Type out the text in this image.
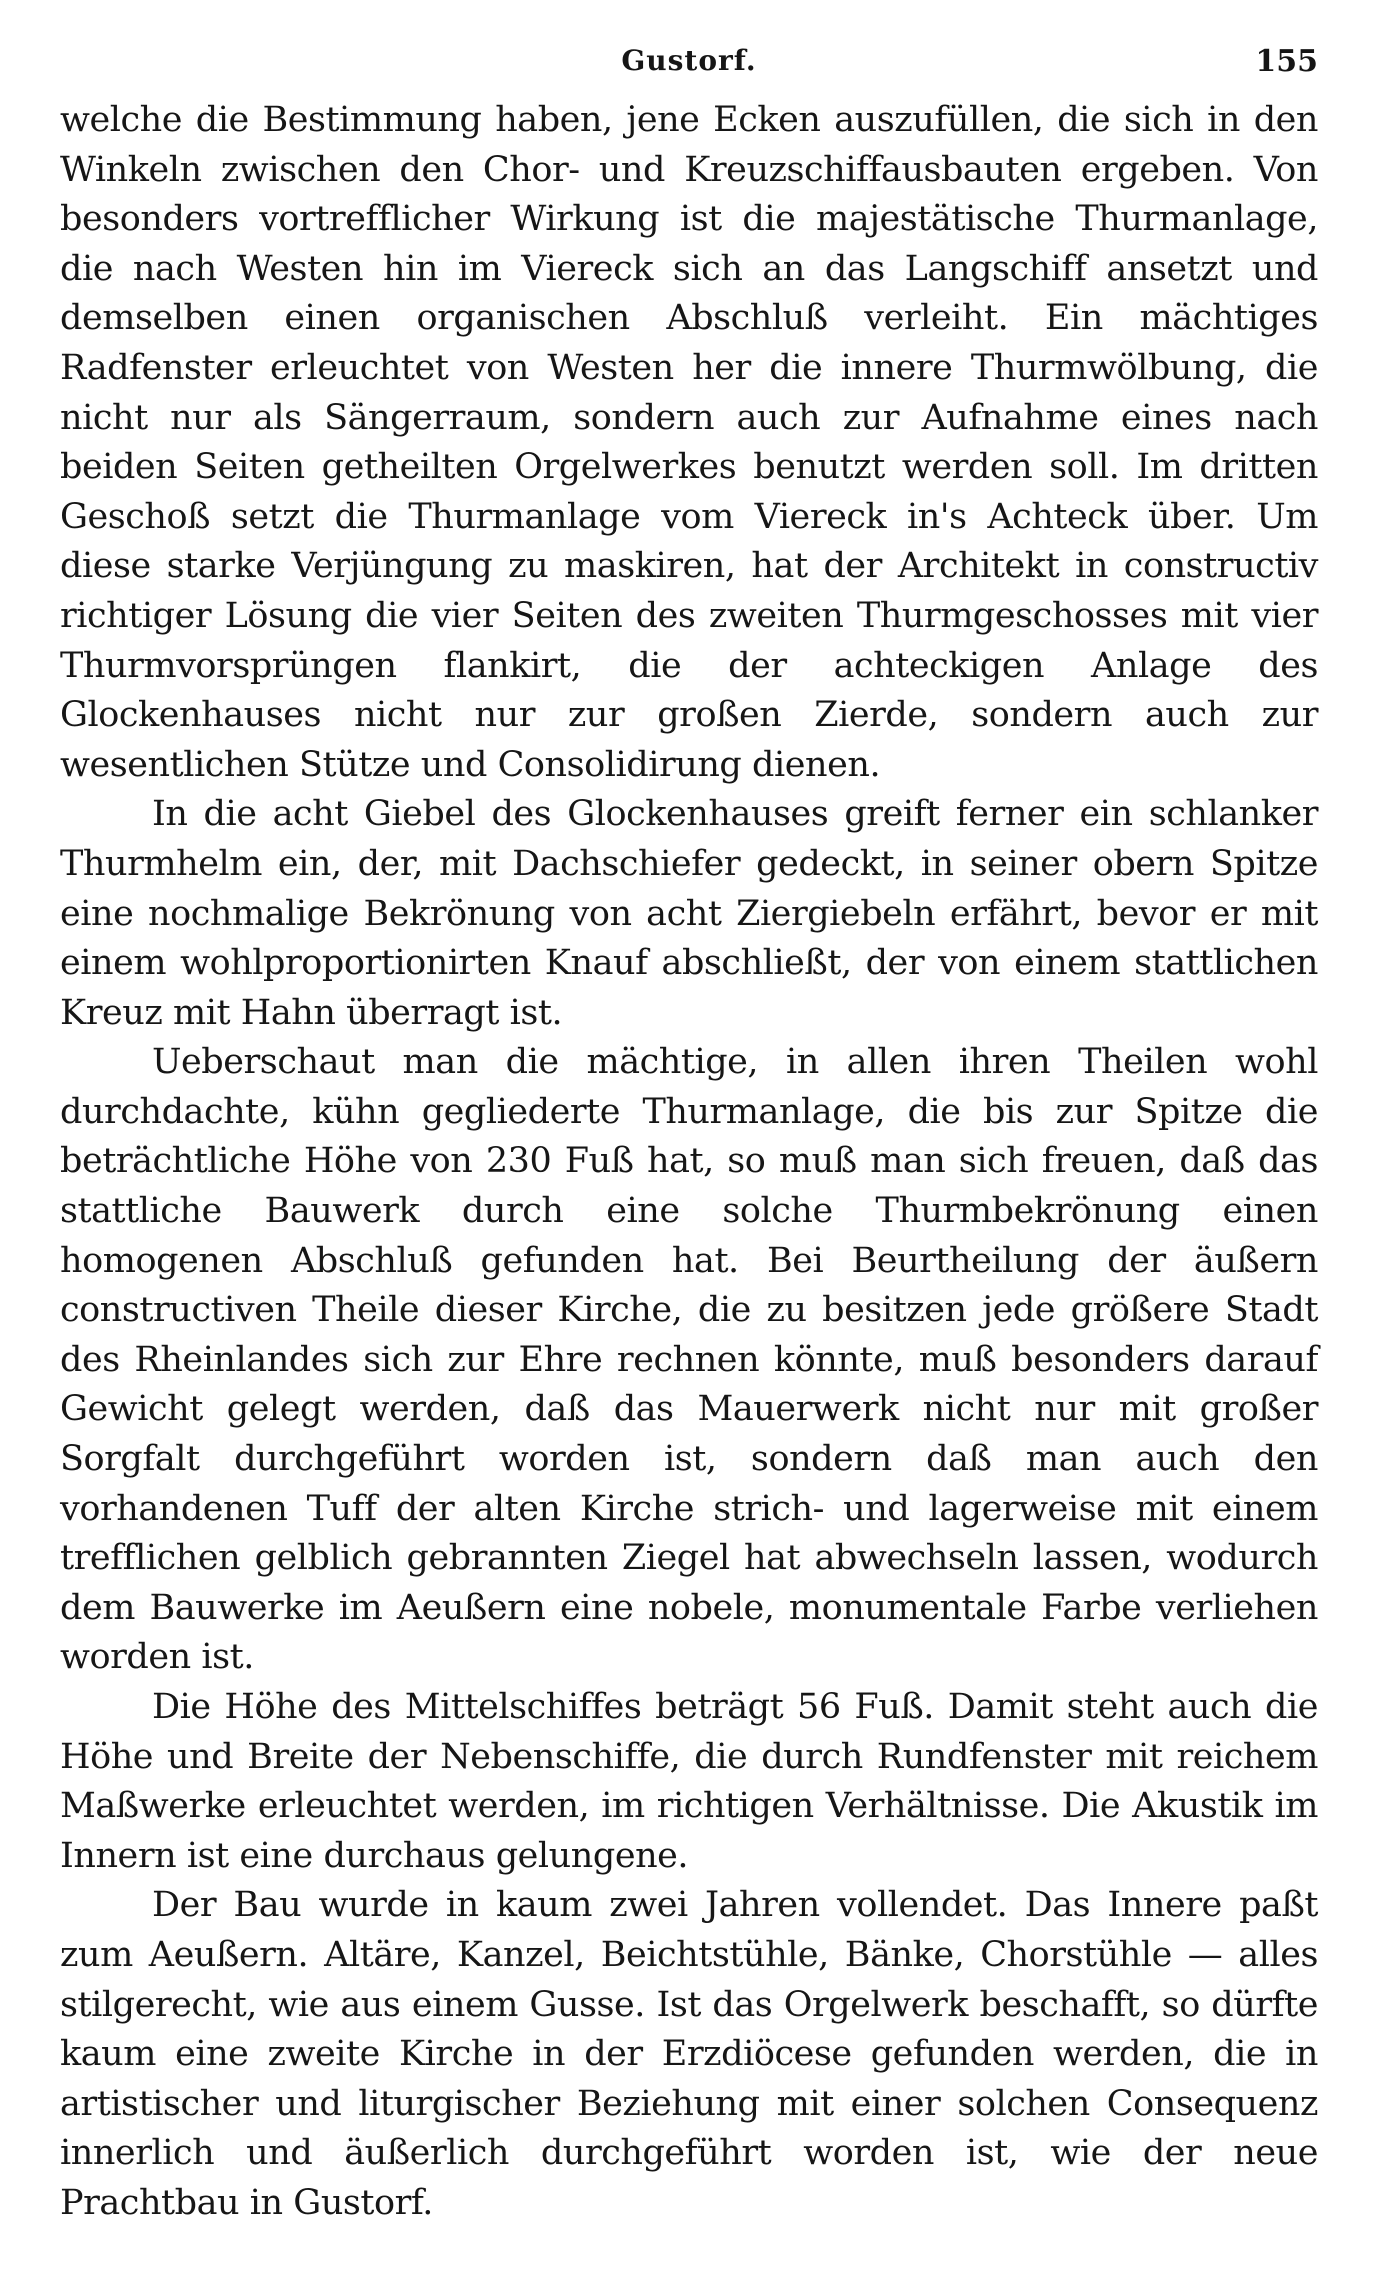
Gustorf.	155

welche die Bestimmung haben, jene Ecken auszufüllen, die sich in den Winkeln zwischen den Chor- und Kreuzschiffausbauten ergeben. Von besonders vortrefflicher Wirkung ist die majestätische Thurmanlage, die nach Westen hin im Viereck sich an das Langschiff ansetzt und demselben einen organischen Abschluß verleiht. Ein mächtiges Radfenster erleuchtet von Westen her die innere Thurmwölbung, die nicht nur als Sängerraum, sondern auch zur Aufnahme eines nach beiden Seiten getheilten Orgelwerkes benutzt werden soll. Im dritten Geschoß setzt die Thurmanlage vom Viereck in's Achteck über. Um diese starke Verjüngung zu maskiren, hat der Architekt in constructiv richtiger Lösung die vier Seiten des zweiten Thurmgeschosses mit vier Thurmvorsprüngen flankirt, die der achteckigen Anlage des Glockenhauses nicht nur zur großen Zierde, sondern auch zur wesentlichen Stütze und Consolidirung dienen.

In die acht Giebel des Glockenhauses greift ferner ein schlanker Thurmhelm ein, der, mit Dachschiefer gedeckt, in seiner obern Spitze eine nochmalige Bekrönung von acht Ziergiebeln erfährt, bevor er mit einem wohlproportionirten Knauf abschließt, der von einem stattlichen Kreuz mit Hahn überragt ist.

Ueberschaut man die mächtige, in allen ihren Theilen wohl durchdachte, kühn gegliederte Thurmanlage, die bis zur Spitze die beträchtliche Höhe von 230 Fuß hat, so muß man sich freuen, daß das stattliche Bauwerk durch eine solche Thurmbekrönung einen homogenen Abschluß gefunden hat. Bei Beurtheilung der äußern constructiven Theile dieser Kirche, die zu besitzen jede größere Stadt des Rheinlandes sich zur Ehre rechnen könnte, muß besonders darauf Gewicht gelegt werden, daß das Mauerwerk nicht nur mit großer Sorgfalt durchgeführt worden ist, sondern daß man auch den vorhandenen Tuff der alten Kirche strich- und lagerweise mit einem trefflichen gelblich gebrannten Ziegel hat abwechseln lassen, wodurch dem Bauwerke im Aeußern eine nobele, monumentale Farbe verliehen worden ist.

Die Höhe des Mittelschiffes beträgt 56 Fuß. Damit steht auch die Höhe und Breite der Nebenschiffe, die durch Rundfenster mit reichem Maßwerke erleuchtet werden, im richtigen Verhältnisse. Die Akustik im Innern ist eine durchaus gelungene.

Der Bau wurde in kaum zwei Jahren vollendet. Das Innere paßt zum Aeußern. Altäre, Kanzel, Beichtstühle, Bänke, Chorstühle — alles stilgerecht, wie aus einem Gusse. Ist das Orgelwerk beschafft, so dürfte kaum eine zweite Kirche in der Erzdiöcese gefunden werden, die in artistischer und liturgischer Beziehung mit einer solchen Consequenz innerlich und äußerlich durchgeführt worden ist, wie der neue Prachtbau in Gustorf.
